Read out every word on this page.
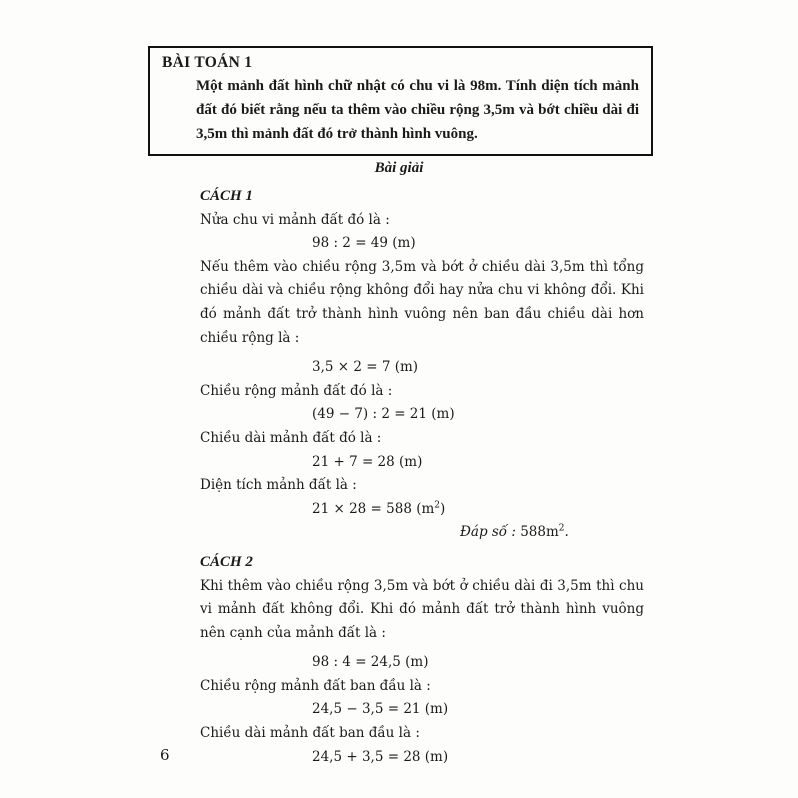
BÀI TOÁN 1

Một mảnh đất hình chữ nhật có chu vi là 98m. Tính diện tích mảnh đất đó biết rằng nếu ta thêm vào chiều rộng 3,5m và bớt chiều dài đi 3,5m thì mảnh đất đó trở thành hình vuông.

Bài giải

CÁCH 1

Nửa chu vi mảnh đất đó là :

98 : 2 = 49 (m)

Nếu thêm vào chiều rộng 3,5m và bớt ở chiều dài 3,5m thì tổng chiều dài và chiều rộng không đổi hay nửa chu vi không đổi. Khi đó mảnh đất trở thành hình vuông nên ban đầu chiều dài hơn chiều rộng là :

3,5 × 2 = 7 (m)

Chiều rộng mảnh đất đó là :

(49 − 7) : 2 = 21 (m)

Chiều dài mảnh đất đó là :

21 + 7 = 28 (m)

Diện tích mảnh đất là :

21 × 28 = 588 $(m^2)$

Đáp số : $588m^2$.

CÁCH 2

Khi thêm vào chiều rộng 3,5m và bớt ở chiều dài đi 3,5m thì chu vi mảnh đất không đổi. Khi đó mảnh đất trở thành hình vuông nên cạnh của mảnh đất là :

98 : 4 = 24,5 (m)

Chiều rộng mảnh đất ban đầu là :

24,5 − 3,5 = 21 (m)

Chiều dài mảnh đất ban đầu là :

24,5 + 3,5 = 28 (m)

6
